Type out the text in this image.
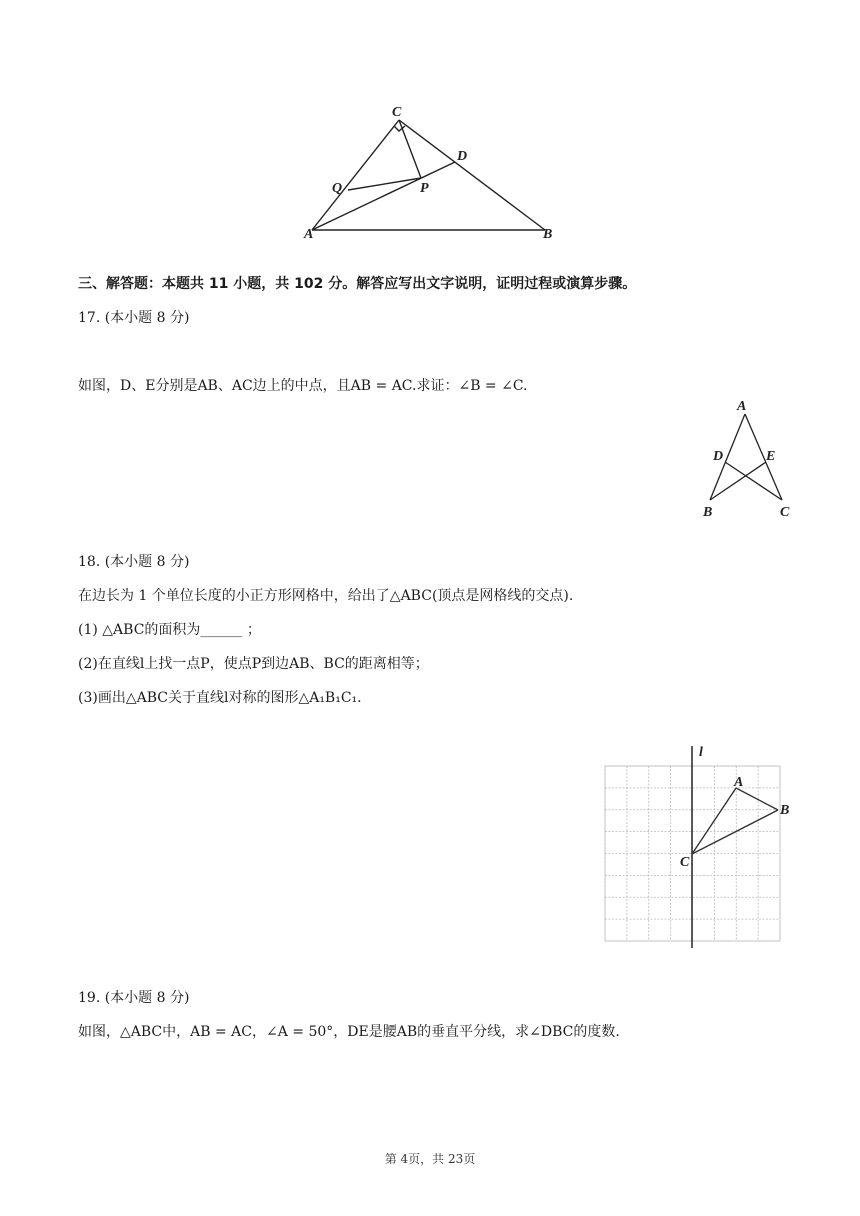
C
D
Q	P
A	B
三、解答题：本题共 11 小题，共 102 分。解答应写出文字说明，证明过程或演算步骤。
17. (本小题 8 分)
如图，D、E分别是AB、AC边上的中点，且AB = AC.求证：∠B = ∠C.
A
D	E
B	C
18. (本小题 8 分)
在边长为 1 个单位长度的小正方形网格中，给出了△ABC(顶点是网格线的交点).
(1) △ABC的面积为______ ；
(2)在直线l上找一点P，使点P到边AB、BC的距离相等；
(3)画出△ABC关于直线l对称的图形△A₁B₁C₁.
l
A
B
C
19. (本小题 8 分)
如图，△ABC中，AB = AC，∠A = 50°，DE是腰AB的垂直平分线，求∠DBC的度数.
第 4页，共 23页
